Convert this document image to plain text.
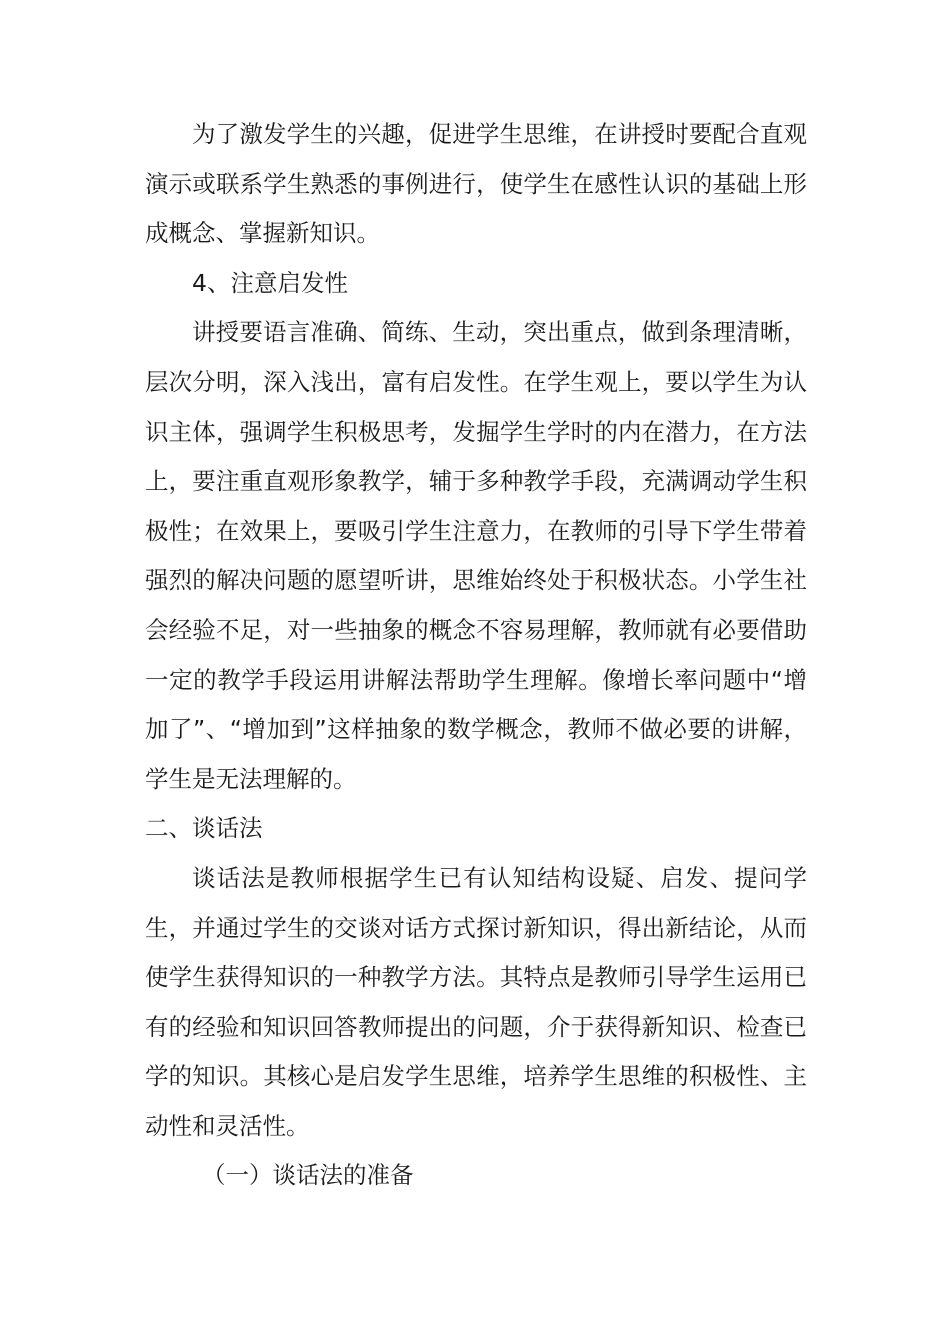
为了激发学生的兴趣，促进学生思维，在讲授时要配合直观演示或联系学生熟悉的事例进行，使学生在感性认识的基础上形成概念、掌握新知识。

4、注意启发性

讲授要语言准确、简练、生动，突出重点，做到条理清晰，层次分明，深入浅出，富有启发性。在学生观上，要以学生为认识主体，强调学生积极思考，发掘学生学时的内在潜力，在方法上，要注重直观形象教学，辅于多种教学手段，充满调动学生积极性；在效果上，要吸引学生注意力，在教师的引导下学生带着强烈的解决问题的愿望听讲，思维始终处于积极状态。小学生社会经验不足，对一些抽象的概念不容易理解，教师就有必要借助一定的教学手段运用讲解法帮助学生理解。像增长率问题中“增加了”、“增加到”这样抽象的数学概念，教师不做必要的讲解，学生是无法理解的。

二、谈话法

谈话法是教师根据学生已有认知结构设疑、启发、提问学生，并通过学生的交谈对话方式探讨新知识，得出新结论，从而使学生获得知识的一种教学方法。其特点是教师引导学生运用已有的经验和知识回答教师提出的问题，介于获得新知识、检查已学的知识。其核心是启发学生思维，培养学生思维的积极性、主动性和灵活性。

（一）谈话法的准备
